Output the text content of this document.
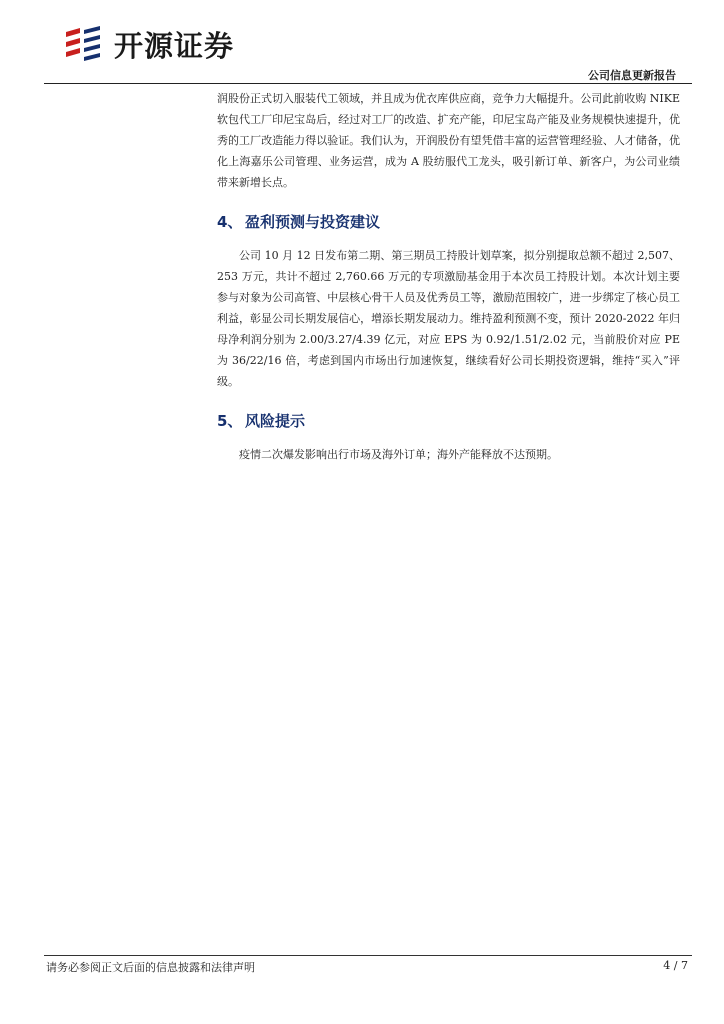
开源证券
公司信息更新报告

润股份正式切入服装代工领域，并且成为优衣库供应商，竞争力大幅提升。公司此前收购 NIKE 软包代工厂印尼宝岛后，经过对工厂的改造、扩充产能，印尼宝岛产能及业务规模快速提升，优秀的工厂改造能力得以验证。我们认为，开润股份有望凭借丰富的运营管理经验、人才储备，优化上海嘉乐公司管理、业务运营，成为 A 股纺服代工龙头，吸引新订单、新客户，为公司业绩带来新增长点。

4、 盈利预测与投资建议

公司 10 月 12 日发布第二期、第三期员工持股计划草案，拟分别提取总额不超过 2,507、253 万元，共计不超过 2,760.66 万元的专项激励基金用于本次员工持股计划。本次计划主要参与对象为公司高管、中层核心骨干人员及优秀员工等，激励范围较广，进一步绑定了核心员工利益，彰显公司长期发展信心，增添长期发展动力。维持盈利预测不变，预计 2020-2022 年归母净利润分别为 2.00/3.27/4.39 亿元，对应 EPS 为 0.92/1.51/2.02 元，当前股价对应 PE 为 36/22/16 倍，考虑到国内市场出行加速恢复，继续看好公司长期投资逻辑，维持“买入”评级。

5、 风险提示

疫情二次爆发影响出行市场及海外订单；海外产能释放不达预期。

请务必参阅正文后面的信息披露和法律声明	4 / 7
